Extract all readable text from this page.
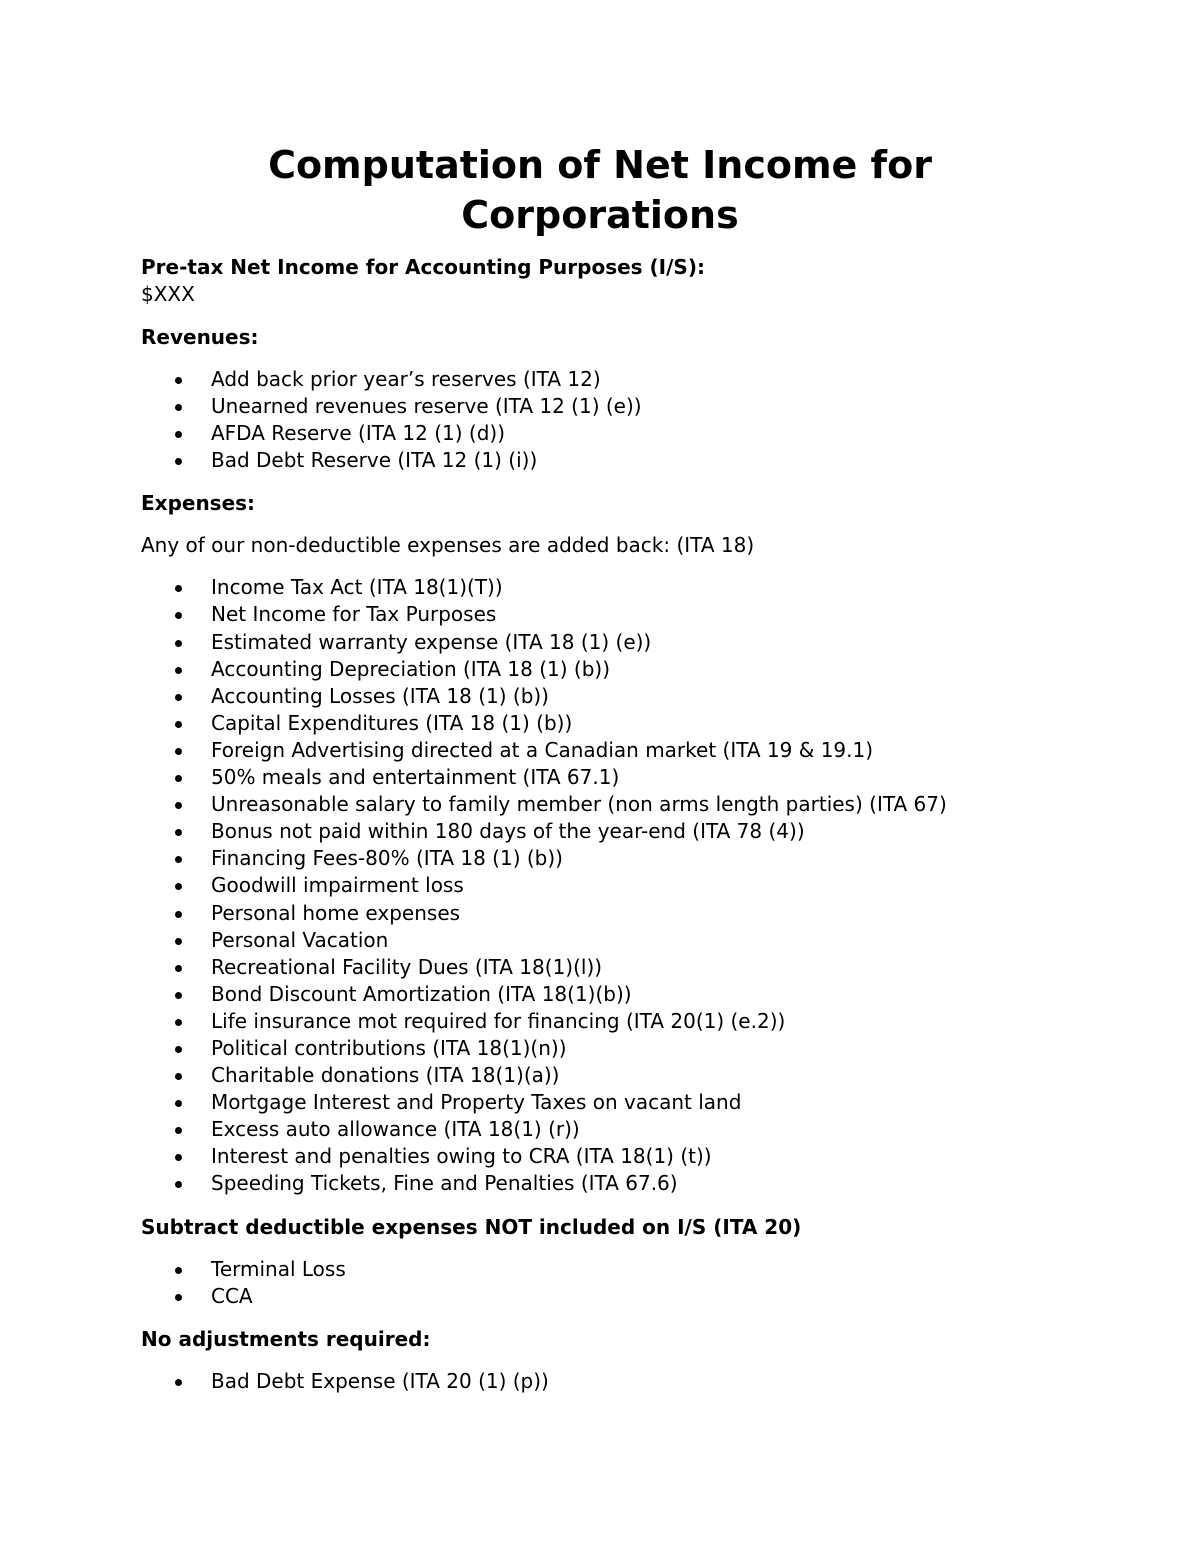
Computation of Net Income for
Corporations

Pre-tax Net Income for Accounting Purposes (I/S):

$XXX

Revenues:

Add back prior year’s reserves (ITA 12)
Unearned revenues reserve (ITA 12 (1) (e))
AFDA Reserve (ITA 12 (1) (d))
Bad Debt Reserve (ITA 12 (1) (i))

Expenses:

Any of our non-deductible expenses are added back: (ITA 18)

Income Tax Act (ITA 18(1)(T))
Net Income for Tax Purposes
Estimated warranty expense (ITA 18 (1) (e))
Accounting Depreciation (ITA 18 (1) (b))
Accounting Losses (ITA 18 (1) (b))
Capital Expenditures (ITA 18 (1) (b))
Foreign Advertising directed at a Canadian market (ITA 19 & 19.1)
50% meals and entertainment (ITA 67.1)
Unreasonable salary to family member (non arms length parties) (ITA 67)
Bonus not paid within 180 days of the year-end (ITA 78 (4))
Financing Fees-80% (ITA 18 (1) (b))
Goodwill impairment loss
Personal home expenses
Personal Vacation
Recreational Facility Dues (ITA 18(1)(l))
Bond Discount Amortization (ITA 18(1)(b))
Life insurance mot required for financing (ITA 20(1) (e.2))
Political contributions (ITA 18(1)(n))
Charitable donations (ITA 18(1)(a))
Mortgage Interest and Property Taxes on vacant land
Excess auto allowance (ITA 18(1) (r))
Interest and penalties owing to CRA (ITA 18(1) (t))
Speeding Tickets, Fine and Penalties (ITA 67.6)

Subtract deductible expenses NOT included on I/S (ITA 20)

Terminal Loss
CCA

No adjustments required:

Bad Debt Expense (ITA 20 (1) (p))
